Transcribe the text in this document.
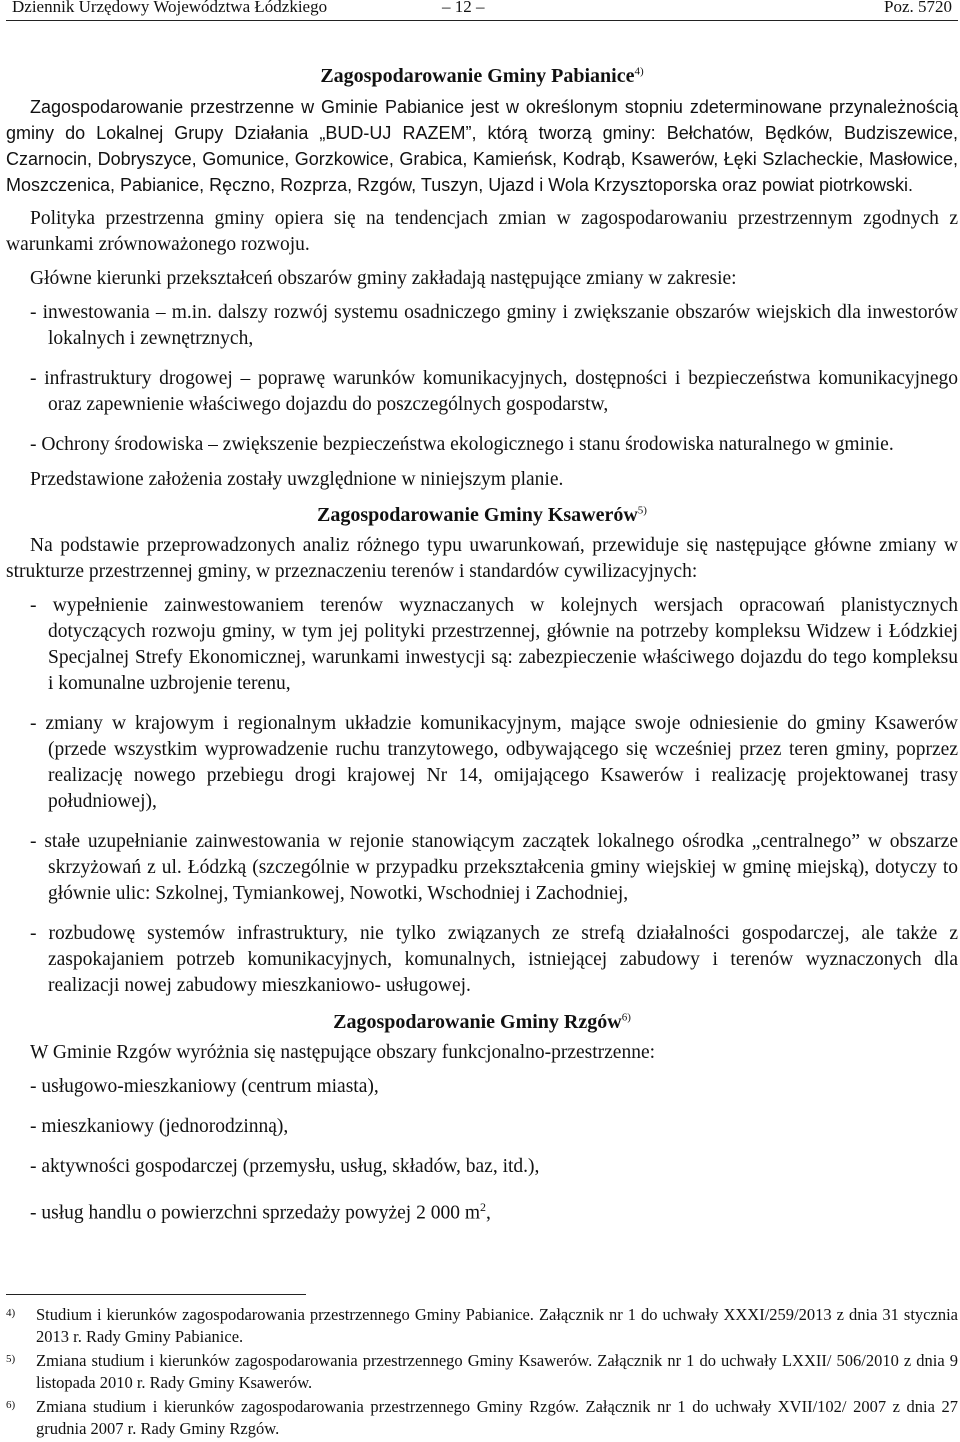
Dziennik Urzędowy Województwa Łódzkiego	– 12 –	Poz. 5720
Zagospodarowanie Gminy Pabianice$^{4)}$

Zagospodarowanie przestrzenne w Gminie Pabianice jest w określonym stopniu zdeterminowane przynależnością gminy do Lokalnej Grupy Działania „BUD-UJ RAZEM”, którą tworzą gminy: Bełchatów, Będków, Budziszewice, Czarnocin, Dobryszyce, Gomunice, Gorzkowice, Grabica, Kamieńsk, Kodrąb, Ksawerów, Łęki Szlacheckie, Masłowice, Moszczenica, Pabianice, Ręczno, Rozprza, Rzgów, Tuszyn, Ujazd i Wola Krzysztoporska oraz powiat piotrkowski.

Polityka przestrzenna gminy opiera się na tendencjach zmian w zagospodarowaniu przestrzennym zgodnych z warunkami zrównoważonego rozwoju.

Główne kierunki przekształceń obszarów gminy zakładają następujące zmiany w zakresie:

- inwestowania – m.in. dalszy rozwój systemu osadniczego gminy i zwiększanie obszarów wiejskich dla inwestorów lokalnych i zewnętrznych,
- infrastruktury drogowej – poprawę warunków komunikacyjnych, dostępności i bezpieczeństwa komunikacyjnego oraz zapewnienie właściwego dojazdu do poszczególnych gospodarstw,
- Ochrony środowiska – zwiększenie bezpieczeństwa ekologicznego i stanu środowiska naturalnego w gminie.

Przedstawione założenia zostały uwzględnione w niniejszym planie.

Zagospodarowanie Gminy Ksawerów$^{5)}$

Na podstawie przeprowadzonych analiz różnego typu uwarunkowań, przewiduje się następujące główne zmiany w strukturze przestrzennej gminy, w przeznaczeniu terenów i standardów cywilizacyjnych:

- wypełnienie zainwestowaniem terenów wyznaczanych w kolejnych wersjach opracowań planistycznych dotyczących rozwoju gminy, w tym jej polityki przestrzennej, głównie na potrzeby kompleksu Widzew i Łódzkiej Specjalnej Strefy Ekonomicznej, warunkami inwestycji są: zabezpieczenie właściwego dojazdu do tego kompleksu i komunalne uzbrojenie terenu,
- zmiany w krajowym i regionalnym układzie komunikacyjnym, mające swoje odniesienie do gminy Ksawerów (przede wszystkim wyprowadzenie ruchu tranzytowego, odbywającego się wcześniej przez teren gminy, poprzez realizację nowego przebiegu drogi krajowej Nr 14, omijającego Ksawerów i realizację projektowanej trasy południowej),
- stałe uzupełnianie zainwestowania w rejonie stanowiącym zaczątek lokalnego ośrodka „centralnego” w obszarze skrzyżowań z ul. Łódzką (szczególnie w przypadku przekształcenia gminy wiejskiej w gminę miejską), dotyczy to głównie ulic: Szkolnej, Tymiankowej, Nowotki, Wschodniej i Zachodniej,
- rozbudowę systemów infrastruktury, nie tylko związanych ze strefą działalności gospodarczej, ale także z zaspokajaniem potrzeb komunikacyjnych, komunalnych, istniejącej zabudowy i terenów wyznaczonych dla realizacji nowej zabudowy mieszkaniowo- usługowej.
Zagospodarowanie Gminy Rzgów$^{6)}$

W Gminie Rzgów wyróżnia się następujące obszary funkcjonalno-przestrzenne:

- usługowo-mieszkaniowy (centrum miasta),
- mieszkaniowy (jednorodzinną),
- aktywności gospodarczej (przemysłu, usług, składów, baz, itd.),
- usług handlu o powierzchni sprzedaży powyżej 2 000 $m^2$,
4) Studium i kierunków zagospodarowania przestrzennego Gminy Pabianice. Załącznik nr 1 do uchwały XXXI/259/2013 z dnia 31 stycznia 2013 r. Rady Gminy Pabianice.
5) Zmiana studium i kierunków zagospodarowania przestrzennego Gminy Ksawerów. Załącznik nr 1 do uchwały LXXII/ 506/2010 z dnia 9 listopada 2010 r. Rady Gminy Ksawerów.
6) Zmiana studium i kierunków zagospodarowania przestrzennego Gminy Rzgów. Załącznik nr 1 do uchwały XVII/102/ 2007 z dnia 27 grudnia 2007 r. Rady Gminy Rzgów.
